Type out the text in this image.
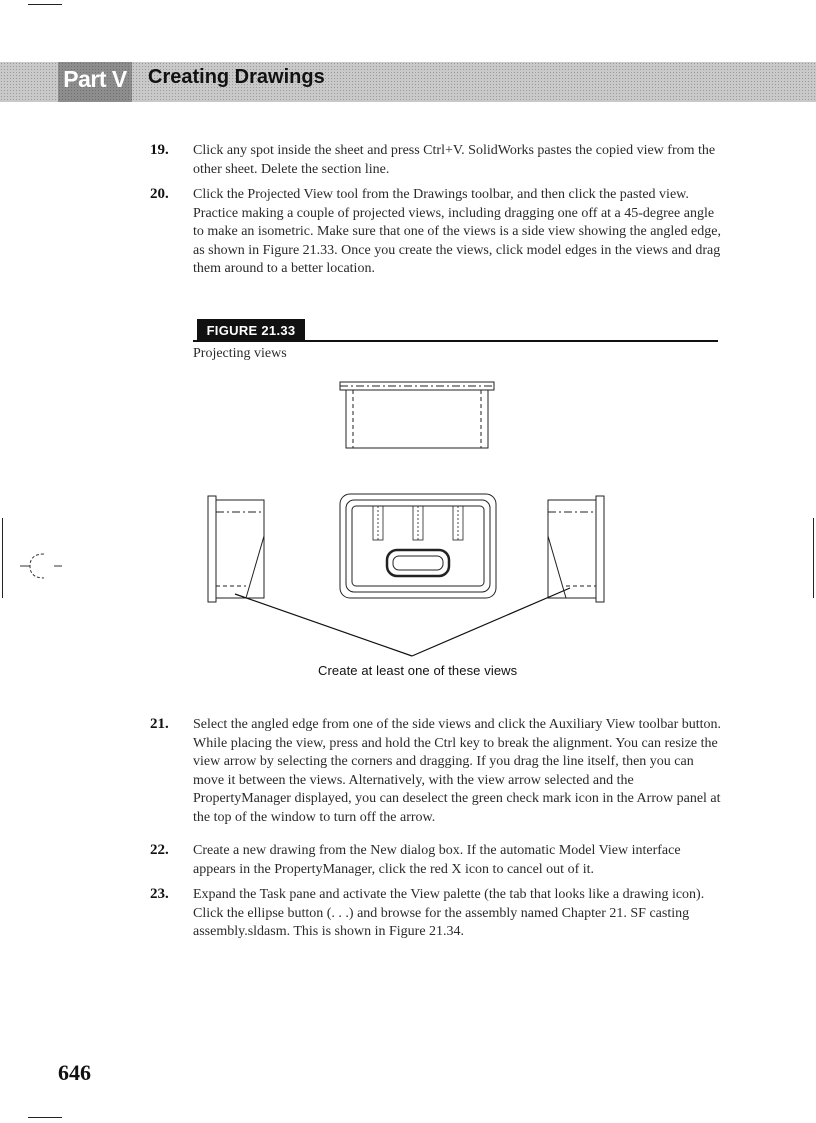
Part V Creating Drawings
19. Click any spot inside the sheet and press Ctrl+V. SolidWorks pastes the copied view from the other sheet. Delete the section line.
20. Click the Projected View tool from the Drawings toolbar, and then click the pasted view. Practice making a couple of projected views, including dragging one off at a 45-degree angle to make an isometric. Make sure that one of the views is a side view showing the angled edge, as shown in Figure 21.33. Once you create the views, click model edges in the views and drag them around to a better location.
FIGURE 21.33
Projecting views
Create at least one of these views
21. Select the angled edge from one of the side views and click the Auxiliary View toolbar button. While placing the view, press and hold the Ctrl key to break the alignment. You can resize the view arrow by selecting the corners and dragging. If you drag the line itself, then you can move it between the views. Alternatively, with the view arrow selected and the PropertyManager displayed, you can deselect the green check mark icon in the Arrow panel at the top of the window to turn off the arrow.
22. Create a new drawing from the New dialog box. If the automatic Model View interface appears in the PropertyManager, click the red X icon to cancel out of it.
23. Expand the Task pane and activate the View palette (the tab that looks like a drawing icon). Click the ellipse button (. . .) and browse for the assembly named Chapter 21. SF casting assembly.sldasm. This is shown in Figure 21.34.
646
